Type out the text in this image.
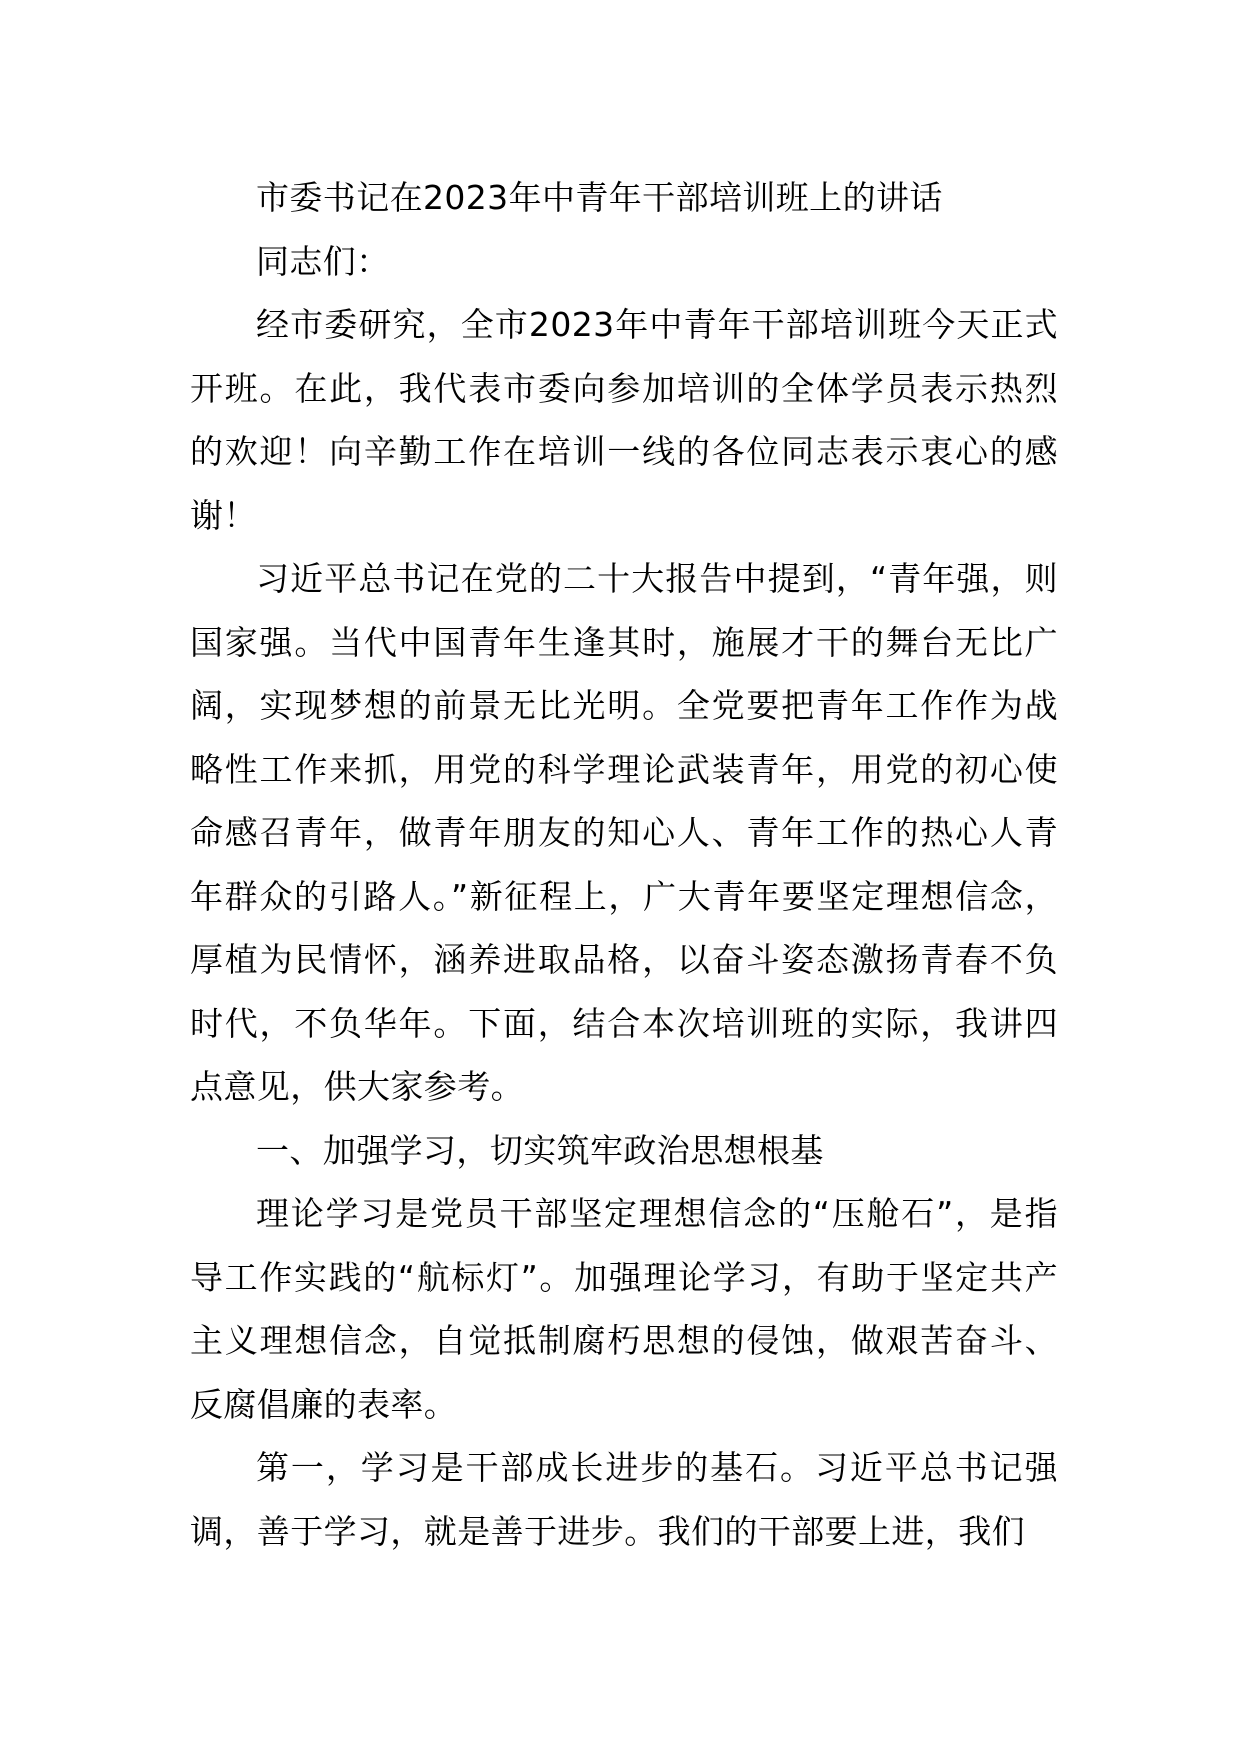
市委书记在2023年中青年干部培训班上的讲话

同志们：

经市委研究，全市2023年中青年干部培训班今天正式开班。在此，我代表市委向参加培训的全体学员表示热烈的欢迎！向辛勤工作在培训一线的各位同志表示衷心的感谢！

习近平总书记在党的二十大报告中提到，“青年强，则国家强。当代中国青年生逢其时，施展才干的舞台无比广阔，实现梦想的前景无比光明。全党要把青年工作作为战略性工作来抓，用党的科学理论武装青年，用党的初心使命感召青年，做青年朋友的知心人、青年工作的热心人青年群众的引路人。”新征程上，广大青年要坚定理想信念，厚植为民情怀，涵养进取品格，以奋斗姿态激扬青春不负时代，不负华年。下面，结合本次培训班的实际，我讲四点意见，供大家参考。

一、加强学习，切实筑牢政治思想根基

理论学习是党员干部坚定理想信念的“压舱石”，是指导工作实践的“航标灯”。加强理论学习，有助于坚定共产主义理想信念，自觉抵制腐朽思想的侵蚀，做艰苦奋斗、反腐倡廉的表率。

第一，学习是干部成长进步的基石。习近平总书记强调，善于学习，就是善于进步。我们的干部要上进，我们
